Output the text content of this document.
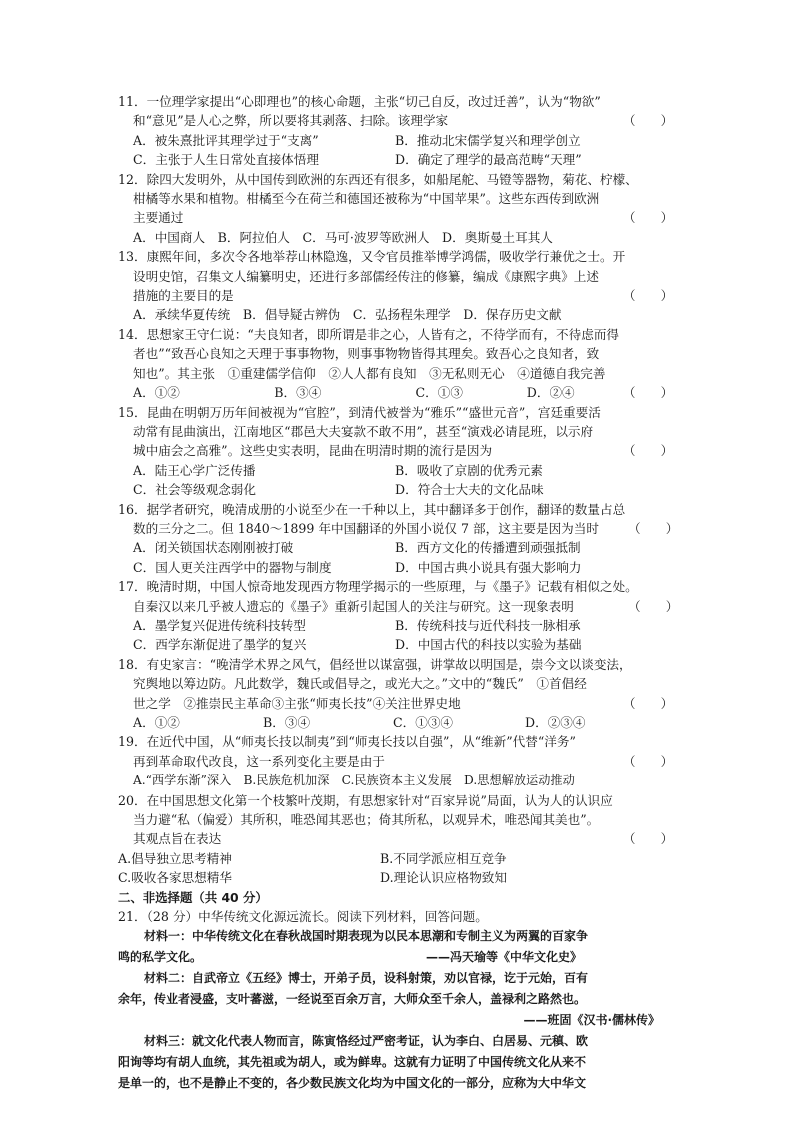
11．一位理学家提出“心即理也”的核心命题，主张“切己自反，改过迁善”，认为“物欲”
和“意见”是人心之弊，所以要将其剥落、扫除。该理学家	（　　）
A．被朱熹批评其理学过于“支离”	B．推动北宋儒学复兴和理学创立
C．主张于人生日常处直接体悟理	D．确定了理学的最高范畴“天理”
12．除四大发明外，从中国传到欧洲的东西还有很多，如船尾舵、马镫等器物，菊花、柠檬、
柑橘等水果和植物。柑橘至今在荷兰和德国还被称为“中国苹果”。这些东西传到欧洲
主要通过	（　　）
A．中国商人　B．阿拉伯人　C．马可·波罗等欧洲人　D．奥斯曼土耳其人
13．康熙年间，多次令各地举荐山林隐逸，又令官员推举博学鸿儒，吸收学行兼优之士。开
设明史馆，召集文人编纂明史，还进行多部儒经传注的修纂，编成《康熙字典》上述
措施的主要目的是	（　　）
A．承续华夏传统　B．倡导疑古辨伪　C．弘扬程朱理学　D．保存历史文献
14．思想家王守仁说：“夫良知者，即所谓是非之心，人皆有之，不待学而有，不待虑而得
者也”“致吾心良知之天理于事事物物，则事事物物皆得其理矣。致吾心之良知者，致
知也”。其主张　①重建儒学信仰　②人人都有良知　③无私则无心　④道德自我完善
A．①②	B．③④	C．①③	D．②④	（　　）
15．昆曲在明朝万历年间被视为“官腔”，到清代被誉为“雅乐”“盛世元音”，宫廷重要活
动常有昆曲演出，江南地区“郡邑大夫宴款不敢不用”，甚至“演戏必请昆班，以示府
城中庙会之高雅”。这些史实表明，昆曲在明清时期的流行是因为	（　　）
A．陆王心学广泛传播	B．吸收了京剧的优秀元素
C．社会等级观念弱化	D．符合士大夫的文化品味
16．据学者研究，晚清成册的小说至少在一千种以上，其中翻译多于创作，翻译的数量占总
数的三分之二。但 1840～1899 年中国翻译的外国小说仅 7 部，这主要是因为当时 （　　）
A．闭关锁国状态刚刚被打破	B．西方文化的传播遭到顽强抵制
C．国人更关注西学中的器物与制度	D．中国古典小说具有强大影响力
17．晚清时期，中国人惊奇地发现西方物理学揭示的一些原理，与《墨子》记载有相似之处。
自秦汉以来几乎被人遗忘的《墨子》重新引起国人的关注与研究。这一现象表明	（　　）
A．墨学复兴促进传统科技转型	B．传统科技与近代科技一脉相承
C．西学东渐促进了墨学的复兴	D．中国古代的科技以实验为基础
18．有史家言：“晚清学术界之风气，倡经世以谋富强，讲掌故以明国是，崇今文以谈变法，
究舆地以筹边防。凡此数学，魏氏或倡导之，或光大之。”文中的“魏氏”　①首倡经
世之学　②推崇民主革命③主张“师夷长技”④关注世界史地	（　　）
A．①②	B．③④	C．①③④	D．②③④
19．在近代中国，从“师夷长技以制夷”到“师夷长技以自强”，从“维新”代替“洋务”
再到革命取代改良，这一系列变化主要是由于	（　　）
A.“西学东渐”深入　B.民族危机加深　C.民族资本主义发展　D.思想解放运动推动
20．在中国思想文化第一个枝繁叶茂期，有思想家针对“百家异说”局面，认为人的认识应
当力避“私（偏爱）其所积，唯恐闻其恶也；倚其所私，以观异术，唯恐闻其美也”。
其观点旨在表达	（　　）
A.倡导独立思考精神	B.不同学派应相互竞争
C.吸收各家思想精华	D.理论认识应格物致知
二、非选择题（共 40 分）
21．（28 分）中华传统文化源远流长。阅读下列材料，回答问题。
材料一：中华传统文化在春秋战国时期表现为以民本思潮和专制主义为两翼的百家争
鸣的私学文化。	——冯天瑜等《中华文化史》
材料二：自武帝立《五经》博士，开弟子员，设科射策，劝以官禄，讫于元始，百有
余年，传业者浸盛，支叶蕃滋，一经说至百余万言，大师众至千余人，盖禄利之路然也。
——班固《汉书·儒林传》
材料三：就文化代表人物而言，陈寅恪经过严密考证，认为李白、白居易、元稹、欧
阳询等均有胡人血统，其先祖或为胡人，或为鲜卑。这就有力证明了中国传统文化从来不
是单一的，也不是静止不变的，各少数民族文化均为中国文化的一部分，应称为大中华文
